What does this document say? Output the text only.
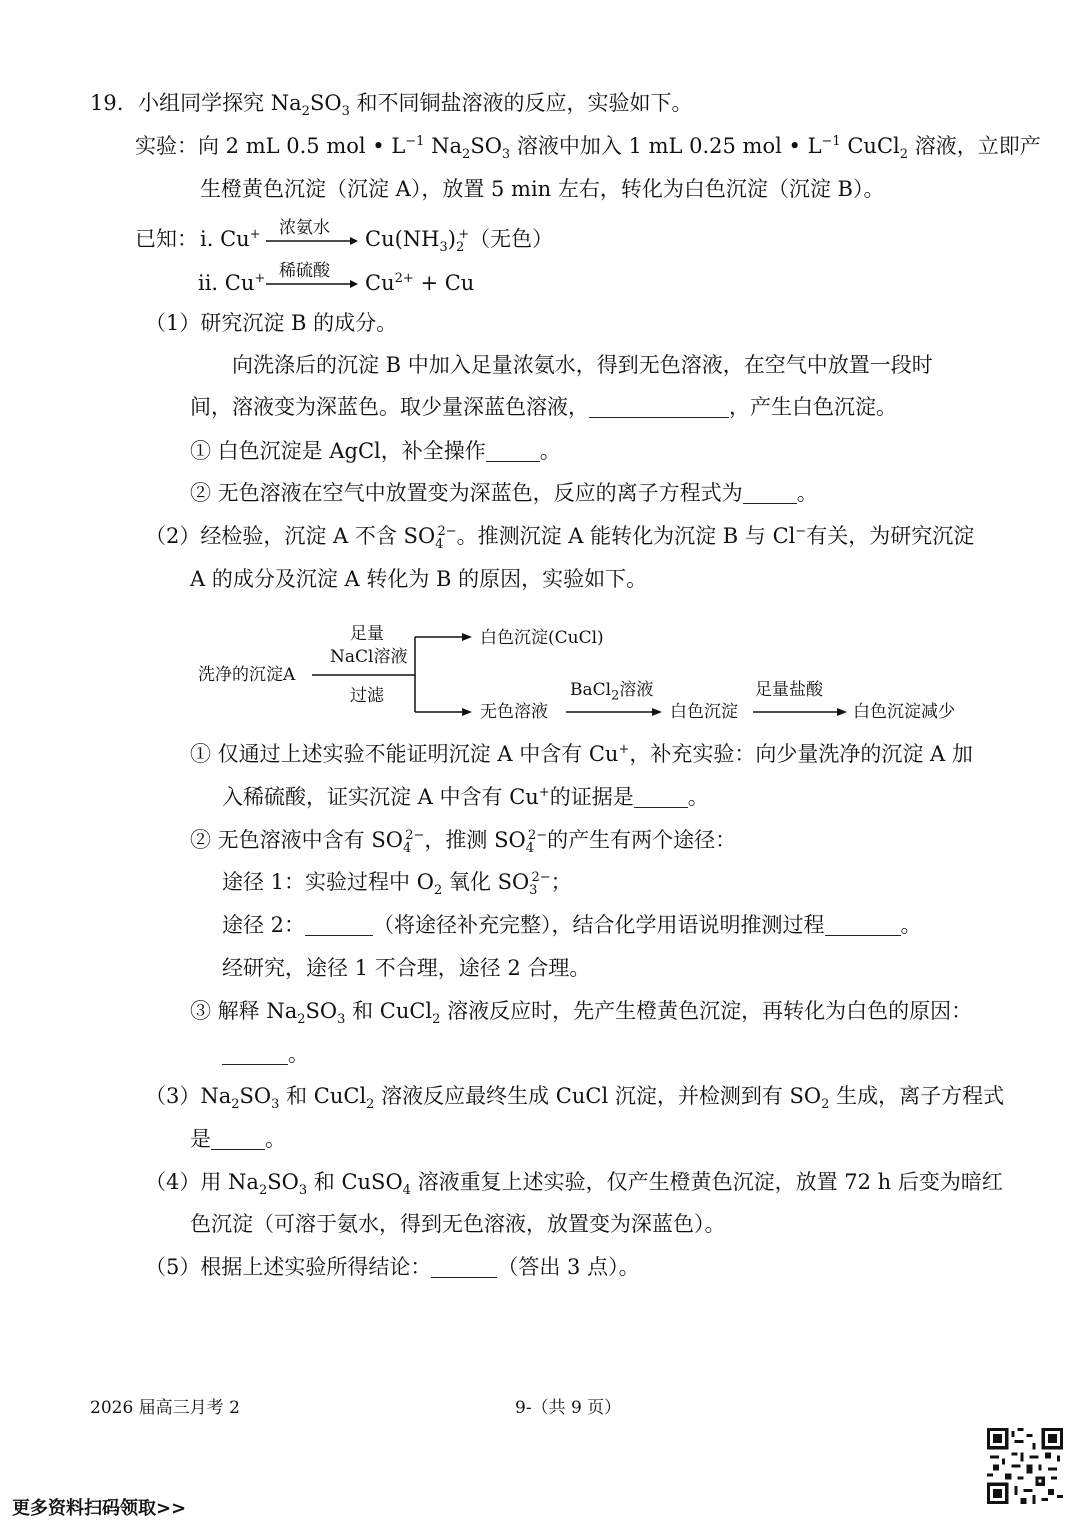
19. 小组同学探究 $Na_2SO_3$ 和不同铜盐溶液的反应，实验如下。
实验：向 2 mL 0.5 mol • $L^{-1}$ $Na_2SO_3$ 溶液中加入 1 mL 0.25 mol • $L^{-1}$ CuCl$_2$ 溶液，立即产
生橙黄色沉淀（沉淀 A），放置 5 min 左右，转化为白色沉淀（沉淀 B）。
已知： i. Cu+ 浓氨水 $Cu(NH_3)_2^+$（无色）
ii. Cu+ 稀硫酸 $Cu^{2+} + Cu$
（1）研究沉淀 B 的成分。
向洗涤后的沉淀 B 中加入足量浓氨水，得到无色溶液，在空气中放置一段时
间，溶液变为深蓝色。取少量深蓝色溶液，	，产生白色沉淀。
① 白色沉淀是 AgCl，补全操作	。
② 无色溶液在空气中放置变为深蓝色，反应的离子方程式为	。
（2）经检验，沉淀 A 不含 $SO_4^{2-}$。推测沉淀 A 能转化为沉淀 B 与 Cl−有关，为研究沉淀
A 的成分及沉淀 A 转化为 B 的原因，实验如下。
洗净的沉淀A
足量
NaCl溶液
过滤
白色沉淀(CuCl)
无色溶液
BaCl$_2$溶液
白色沉淀
足量盐酸
白色沉淀减少
① 仅通过上述实验不能证明沉淀 A 中含有 Cu+，补充实验：向少量洗净的沉淀 A 加
入稀硫酸，证实沉淀 A 中含有 Cu+的证据是	。
② 无色溶液中含有 $SO_4^{2-}$，推测 $SO_4^{2-}$的产生有两个途径：
途径 1：实验过程中 $O_2$ 氧化 $SO_3^{2-}$；
途径 2：	（将途径补充完整），结合化学用语说明推测过程	。
经研究，途径 1 不合理，途径 2 合理。
③ 解释 $Na_2SO_3$ 和 CuCl$_2$ 溶液反应时，先产生橙黄色沉淀，再转化为白色的原因：
。
$(3)Na_2SO_3$ 和 CuCl$_2$ 溶液反应最终生成 CuCl 沉淀，并检测到有 $SO_2$ 生成，离子方程式
是	。
（4）用 $Na_2SO_3$ 和 CuSO$_4$ 溶液重复上述实验，仅产生橙黄色沉淀，放置 72 h 后变为暗红
色沉淀（可溶于氨水，得到无色溶液，放置变为深蓝色）。
（5）根据上述实验所得结论：	（答出 3 点）。
2026 届高三月考 2	9-（共 9 页）
更多资料扫码领取>>
